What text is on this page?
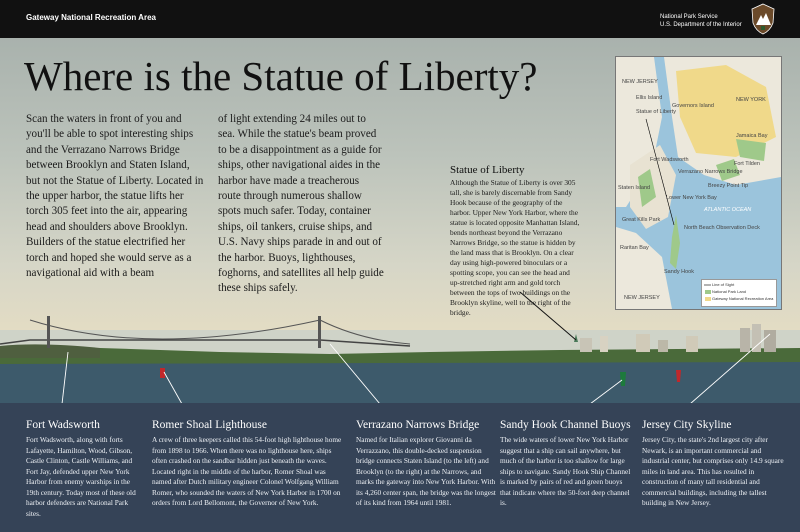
Gateway National Recreation Area	National Park Service
U.S. Department of the Interior
Where is the Statue of Liberty?

Scan the waters in front of you and you'll be able to spot interesting ships and the Verrazano Narrows Bridge between Brooklyn and Staten Island, but not the Statue of Liberty. Located in the upper harbor, the statue lifts her torch 305 feet into the air, appearing head and shoulders above Brooklyn. Builders of the statue electrified her torch and hoped she would serve as a navigational aid with a beam

of light extending 24 miles out to sea. While the statue's beam proved to be a disappointment as a guide for ships, other navigational aides in the harbor have made a treacherous route through numerous shallow spots much safer. Today, container ships, oil tankers, cruise ships, and U.S. Navy ships parade in and out of the harbor. Buoys, lighthouses, foghorns, and satellites all help guide these ships safely.

Statue of Liberty

Although the Statue of Liberty is over 305 tall, she is barely discernable from Sandy Hook because of the geography of the harbor. Upper New York Harbor, where the statue is located opposite Manhattan Island, bends northeast beyond the Verrazano Narrows Bridge, so the statue is hidden by the land mass that is Brooklyn. On a clear day using high-powered binoculars or a spotting scope, you can see the head and up-stretched right arm and gold torch between the tops of two buildings on the Brooklyn skyline, well to the right of the bridge.

NEW JERSEY
NEW YORK
Statue of Liberty
Governors Island
Ellis Island
Fort Wadsworth
Staten Island
Great Kills Park
Lower New York Bay
Verrazano Narrows Bridge
Jamaica Bay
Fort Tilden
Breezy Point Tip
Sandy Hook
North Beach Observation Deck
Raritan Bay
ATLANTIC OCEAN
NEW JERSEY
Line of Sight
National Park Land
Gateway National Recreation Area
Fort Wadsworth

Fort Wadsworth, along with forts Lafayette, Hamilton, Wood, Gibson, Castle Clinton, Castle Williams, and Fort Jay, defended upper New York Harbor from enemy warships in the 19th century. Today most of these old harbor defenders are National Park sites.

Romer Shoal Lighthouse

A crew of three keepers called this 54-foot high lighthouse home from 1898 to 1966. When there was no lighthouse here, ships often crashed on the sandbar hidden just beneath the waves. Located right in the middle of the harbor, Romer Shoal was named after Dutch military engineer Colonel Wolfgang William Romer, who sounded the waters of New York Harbor in 1700 on orders from Lord Bellomont, the Governor of New York.

Verrazano Narrows Bridge

Named for Italian explorer Giovanni da Verrazzano, this double-decked suspension bridge connects Staten Island (to the left) and Brooklyn (to the right) at the Narrows, and marks the gateway into New York Harbor. With its 4,260 center span, the bridge was the longest of its kind from 1964 until 1981.

Sandy Hook Channel Buoys

The wide waters of lower New York Harbor suggest that a ship can sail anywhere, but much of the harbor is too shallow for large ships to navigate. Sandy Hook Ship Channel is marked by pairs of red and green buoys that indicate where the 50-foot deep channel is.

Jersey City Skyline

Jersey City, the state's 2nd largest city after Newark, is an important commercial and industrial center, but comprises only 14.9 square miles in land area. This has resulted in construction of many tall residential and commercial buildings, including the tallest building in New Jersey.
